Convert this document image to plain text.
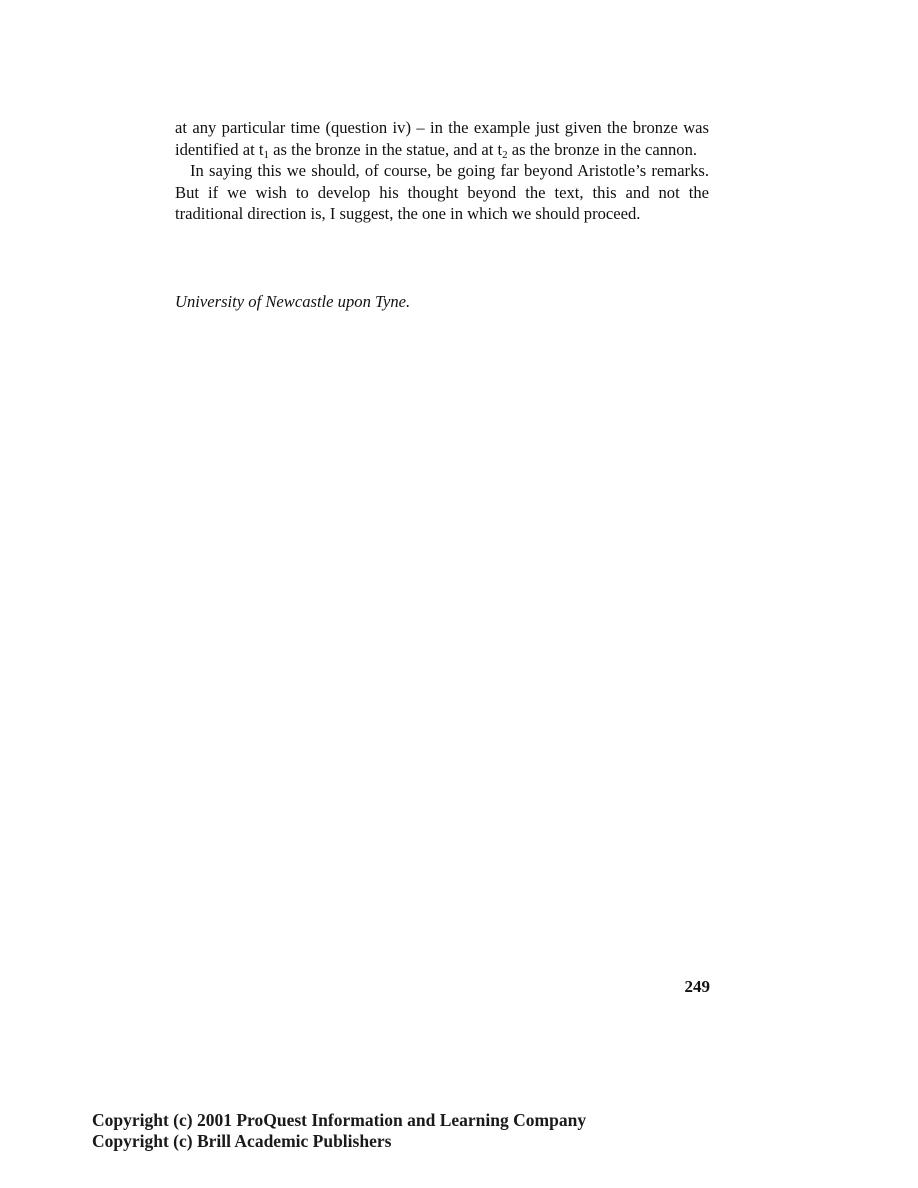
at any particular time (question iv) – in the example just given the bronze was identified at $t_1$ as the bronze in the statue, and at $t_2$ as the bronze in the cannon.

In saying this we should, of course, be going far beyond Aristotle’s remarks. But if we wish to develop his thought beyond the text, this and not the traditional direction is, I suggest, the one in which we should proceed.

University of Newcastle upon Tyne.

249

Copyright (c) 2001 ProQuest Information and Learning Company
Copyright (c) Brill Academic Publishers
